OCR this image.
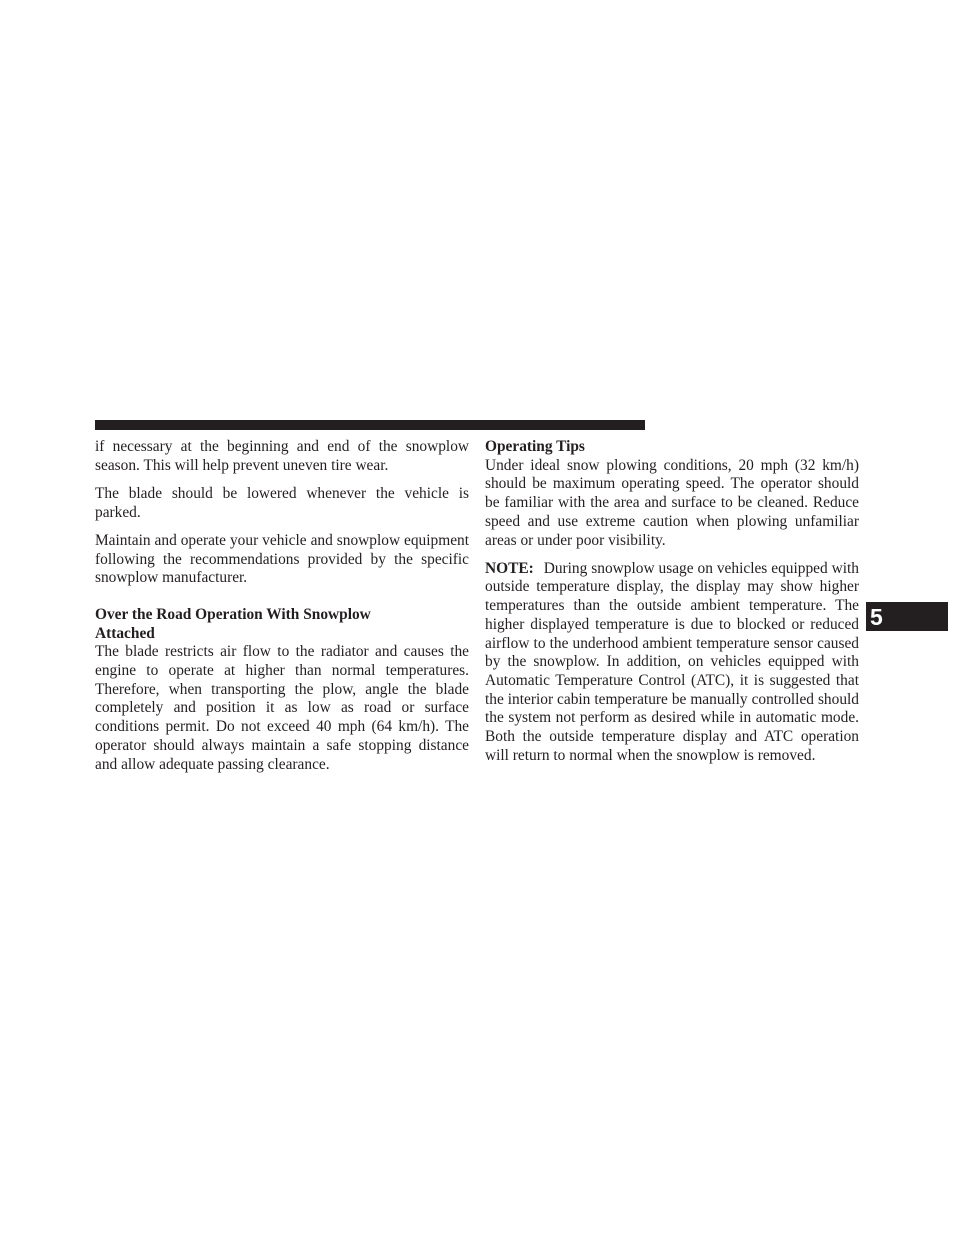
if necessary at the beginning and end of the snowplow season. This will help prevent uneven tire wear.

The blade should be lowered whenever the vehicle is parked.

Maintain and operate your vehicle and snowplow equipment following the recommendations provided by the specific snowplow manufacturer.

Over the Road Operation With Snowplow
Attached

The blade restricts air flow to the radiator and causes the engine to operate at higher than normal temperatures. Therefore, when transporting the plow, angle the blade completely and position it as low as road or surface conditions permit. Do not exceed 40 mph (64 km/h). The operator should always maintain a safe stopping distance and allow adequate passing clearance.

Operating Tips

Under ideal snow plowing conditions, 20 mph (32 km/h) should be maximum operating speed. The operator should be familiar with the area and surface to be cleaned. Reduce speed and use extreme caution when plowing unfamiliar areas or under poor visibility.

NOTE: During snowplow usage on vehicles equipped with outside temperature display, the display may show higher temperatures than the outside ambient temperature. The higher displayed temperature is due to blocked or reduced airflow to the underhood ambient temperature sensor caused by the snowplow. In addition, on vehicles equipped with Automatic Temperature Control (ATC), it is suggested that the interior cabin temperature be manually controlled should the system not perform as desired while in automatic mode. Both the outside temperature display and ATC operation will return to normal when the snowplow is removed.

5
